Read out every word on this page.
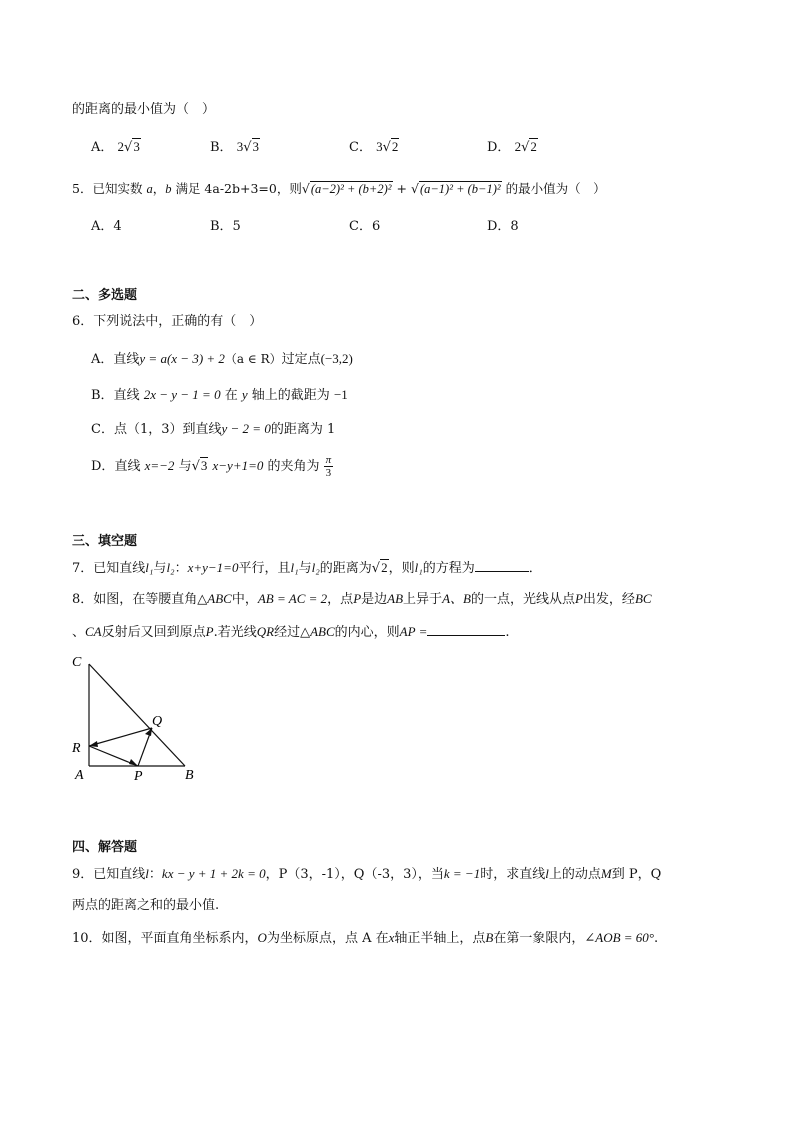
的距离的最小值为（　）
A． 2√3	B． 3√3	C． 3√2	D． 2√2
5．已知实数 a，b 满足 4a-2b+3=0，则√(a−2)² + (b+2)² + √(a−1)² + (b−1)² 的最小值为（　）
A．4	B．5	C．6	D．8
二、多选题
6．下列说法中，正确的有（　）
A．直线y = a(x − 3) + 2（a ∈ R）过定点(−3,2)
B．直线 2x − y − 1 = 0 在 y 轴上的截距为 −1
C．点（1，3）到直线y − 2 = 0的距离为 1
D．直线 x=−2 与√3 x−y+1=0 的夹角为 $\frac{\pi}{3}$
三、填空题
7．已知直线l₁与l₂：x+y−1=0平行，且l₁与l₂的距离为√2，则l₁的方程为	．
8．如图，在等腰直角△ABC中，AB = AC = 2，点P是边AB上异于A、B的一点，光线从点P出发，经BC
、CA反射后又回到原点P.若光线QR经过△ABC的内心，则AP =	.
C
Q
R
A	P	B
四、解答题
9．已知直线l：kx − y + 1 + 2k = 0，P（3，-1），Q（-3，3），当k = −1时，求直线l上的动点M到 P，Q
两点的距离之和的最小值.
10．如图，平面直角坐标系内，O为坐标原点，点 A 在x轴正半轴上，点B在第一象限内，∠AOB = 60°.
